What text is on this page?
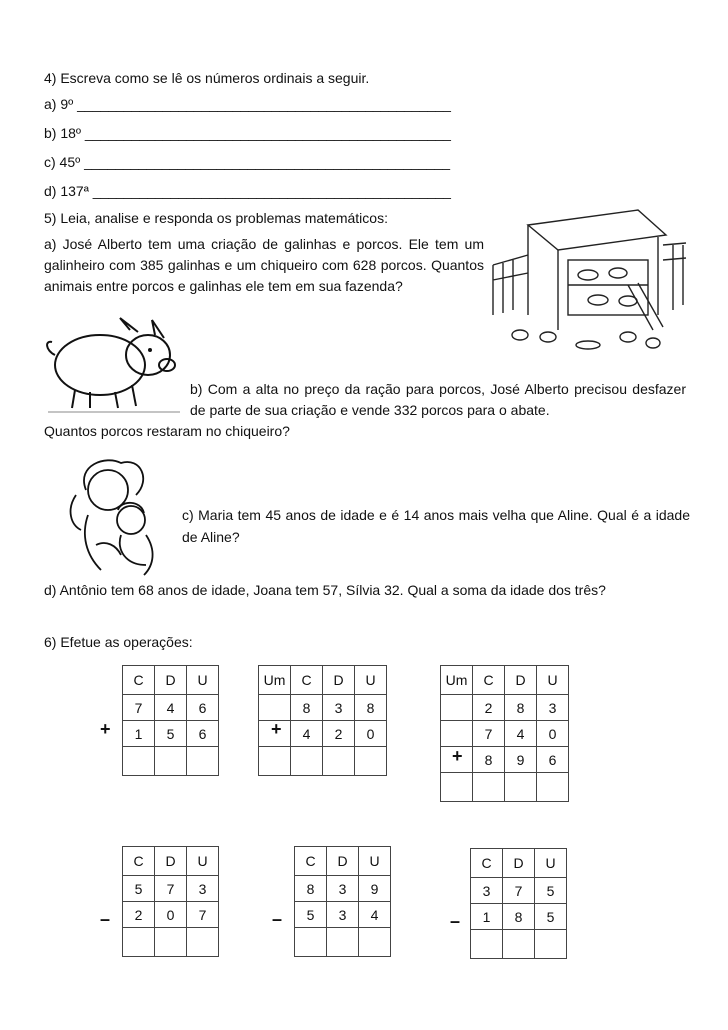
4) Escreva como se lê os números ordinais a seguir.
a) 9º ________________________________________________
b) 18º _______________________________________________
c) 45º _______________________________________________
d) 137ª ______________________________________________
5) Leia, analise e responda os problemas matemáticos:
a) José Alberto tem uma criação de galinhas e porcos. Ele tem um galinheiro com 385 galinhas e um chiqueiro com 628 porcos. Quantos animais entre porcos e galinhas ele tem em sua fazenda?
b) Com a alta no preço da ração para porcos, José Alberto precisou desfazer de parte de sua criação e vende 332 porcos para o abate.
Quantos porcos restaram no chiqueiro?
c) Maria tem 45 anos de idade e é 14 anos mais velha que Aline. Qual é a idade de Aline?
d) Antônio tem 68 anos de idade, Joana tem 57, Sílvia 32. Qual a soma da idade dos três?
6) Efetue as operações:
C	D	U
7	4	6
1	5	6

+
Um	C	D	U
	8	3	8
	4	2	0

+
Um	C	D	U
	2	8	3
	7	4	0
	8	9	6

+
C	D	U
5	7	3
2	0	7

–
C	D	U
8	3	9
5	3	4

–
C	D	U
3	7	5
1	8	5

–
